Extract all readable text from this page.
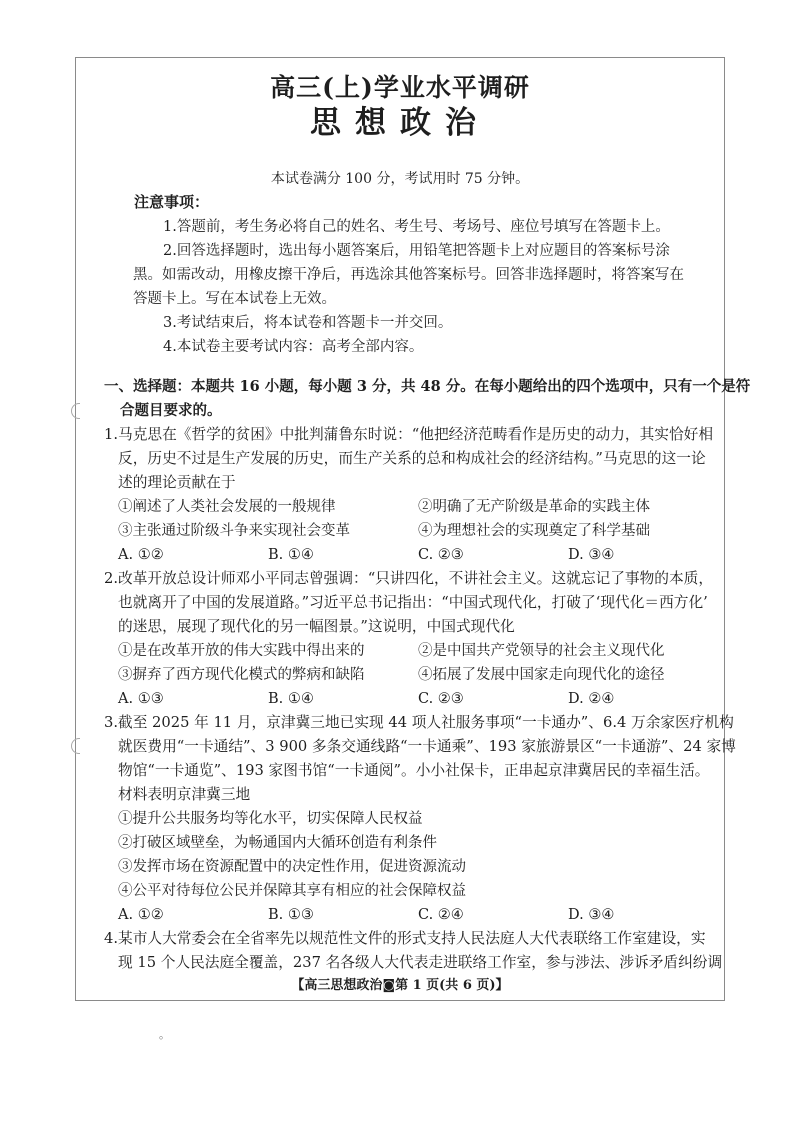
高三(上)学业水平调研
思想政治
本试卷满分 100 分，考试用时 75 分钟。
注意事项：
1.答题前，考生务必将自己的姓名、考生号、考场号、座位号填写在答题卡上。
2.回答选择题时，选出每小题答案后，用铅笔把答题卡上对应题目的答案标号涂
黑。如需改动，用橡皮擦干净后，再选涂其他答案标号。回答非选择题时，将答案写在
答题卡上。写在本试卷上无效。
3.考试结束后，将本试卷和答题卡一并交回。
4.本试卷主要考试内容：高考全部内容。
一、选择题：本题共 16 小题，每小题 3 分，共 48 分。在每小题给出的四个选项中，只有一个是符
合题目要求的。
1.马克思在《哲学的贫困》中批判蒲鲁东时说：“他把经济范畴看作是历史的动力，其实恰好相
反，历史不过是生产发展的历史，而生产关系的总和构成社会的经济结构。”马克思的这一论
述的理论贡献在于
①阐述了人类社会发展的一般规律	②明确了无产阶级是革命的实践主体
③主张通过阶级斗争来实现社会变革	④为理想社会的实现奠定了科学基础
A. ①②	B. ①④	C. ②③	D. ③④
2.改革开放总设计师邓小平同志曾强调：“只讲四化，不讲社会主义。这就忘记了事物的本质，
也就离开了中国的发展道路。”习近平总书记指出：“中国式现代化，打破了‘现代化＝西方化’
的迷思，展现了现代化的另一幅图景。”这说明，中国式现代化
①是在改革开放的伟大实践中得出来的	②是中国共产党领导的社会主义现代化
③摒弃了西方现代化模式的弊病和缺陷	④拓展了发展中国家走向现代化的途径
A. ①③	B. ①④	C. ②③	D. ②④
3.截至 2025 年 11 月，京津冀三地已实现 44 项人社服务事项“一卡通办”、6.4 万余家医疗机构
就医费用“一卡通结”、3 900 多条交通线路“一卡通乘”、193 家旅游景区“一卡通游”、24 家博
物馆“一卡通览”、193 家图书馆“一卡通阅”。小小社保卡，正串起京津冀居民的幸福生活。
材料表明京津冀三地
①提升公共服务均等化水平，切实保障人民权益
②打破区域壁垒，为畅通国内大循环创造有利条件
③发挥市场在资源配置中的决定性作用，促进资源流动
④公平对待每位公民并保障其享有相应的社会保障权益
A. ①②	B. ①③	C. ②④	D. ③④
4.某市人大常委会在全省率先以规范性文件的形式支持人民法庭人大代表联络工作室建设，实
现 15 个人民法庭全覆盖，237 名各级人大代表走进联络工作室，参与涉法、涉诉矛盾纠纷调
【高三思想政治◙第 1 页(共 6 页)】
。
